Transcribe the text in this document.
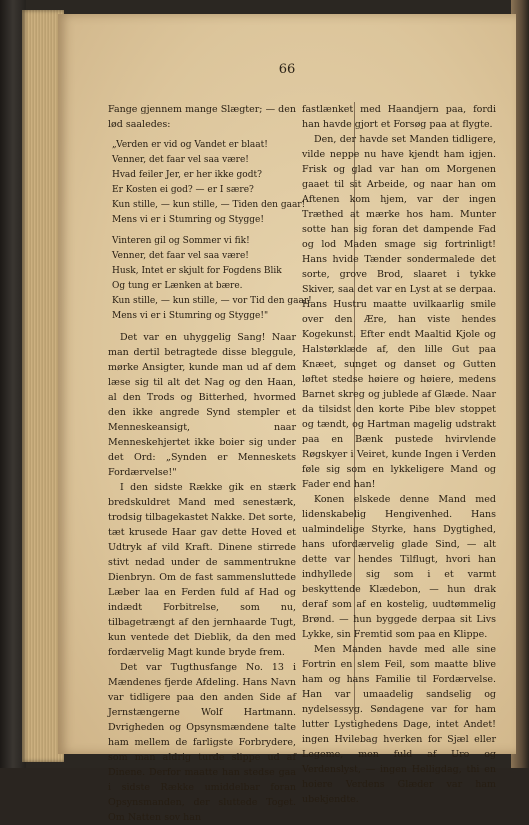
66

Fange gjennem mange Slægter; — den lød saaledes:

„Verden er vid og Vandet er blaat!
Venner, det faar vel saa være!
Hvad feiler Jer, er her ikke godt?
Er Kosten ei god? — er I sære?
Kun stille, — kun stille, — Tiden den gaar!
Mens vi er i Stumring og Stygge!
Vinteren gil og Sommer vi fik!
Venner, det faar vel saa være!
Husk, Intet er skjult for Fogdens Blik
Og tung er Lænken at bære.
Kun stille, — kun stille, — vor Tid den gaar!
Mens vi er i Stumring og Stygge!"

Det var en uhyggelig Sang! Naar man dertil betragtede disse bleggule, mørke Ansigter, kunde man ud af dem læse sig til alt det Nag og den Haan, al den Trods og Bitterhed, hvormed den ikke angrede Synd stempler et Menneskeansigt, naar Menneskehjertet ikke boier sig under det Ord: „Synden er Menneskets Fordærvelse!"

I den sidste Række gik en stærk bredskuldret Mand med senestærk, trodsig tilbagekastet Nakke. Det sorte, tæt krusede Haar gav dette Hoved et Udtryk af vild Kraft. Dinene stirrede stivt nedad under de sammentrukne Dienbryn. Om de fast sammensluttede Læber laa en Ferden fuld af Had og indædt Forbitrelse, som nu, tilbagetrængt af den jernhaarde Tugt, kun ventede det Dieblik, da den med fordærvelig Magt kunde bryde frem.

Det var Tugthusfange No. 13 i Mændenes fjerde Afdeling. Hans Navn var tidligere paa den anden Side af Jernstængerne Wolf Hartmann. Dvrigheden og Opsynsmændene talte ham mellem de farligste Forbrydere, som man aldrig turde slippe ud af Dinene. Derfor maatte han stedse gaa i sidste Række umiddelbar foran Opsynsmanden, der sluttede Toget. Om Natten sov han

fastlænket med Haandjern paa, fordi han havde gjort et Forsøg paa at flygte.

Den, der havde set Manden tidligere, vilde neppe nu have kjendt ham igjen. Frisk og glad var han om Morgenen gaaet til sit Arbeide, og naar han om Aftenen kom hjem, var der ingen Træthed at mærke hos ham. Munter sotte han sig foran det dampende Fad og lod Maden smage sig fortrinligt! Hans hvide Tænder sondermalede det sorte, grove Brod, slaaret i tykke Skiver, saa det var en Lyst at se derpaa. Hans Hustru maatte uvilkaarlig smile over den Ære, han viste hendes Kogekunst. Efter endt Maaltid Kjole og Halstørklæde af, den lille Gut paa Knæet, sunget og danset og Gutten løftet stedse høiere og høiere, medens Barnet skreg og jublede af Glæde. Naar da tilsidst den korte Pibe blev stoppet og tændt, og Hartman magelig udstrakt paa en Bænk pustede hvirvlende Røgskyer i Veiret, kunde Ingen i Verden føle sig som en lykkeligere Mand og Fader end han!

Konen elskede denne Mand med lidenskabelig Hengivenhed. Hans ualmindelige Styrke, hans Dygtighed, hans ufordærvelig glade Sind, — alt dette var hendes Tilflugt, hvori han indhyllede sig som i et varmt beskyttende Klædebon, — hun drak deraf som af en kostelig, uudtømmelig Brønd. — hun byggede derpaa sit Livs Lykke, sin Fremtid som paa en Klippe.

Men Manden havde med alle sine Fortrin en slem Feil, som maatte blive ham og hans Familie til Fordærvelse. Han var umaadelig sandselig og nydelsessyg. Søndagene var for ham lutter Lystighedens Dage, intet Andet! ingen Hvilebag hverken for Sjæl eller Legeme, men fuld af Uro og Verdenslyst, — ingen Helligdag, thi en hoiere Verdens Glæder var ham ubekjendte.
